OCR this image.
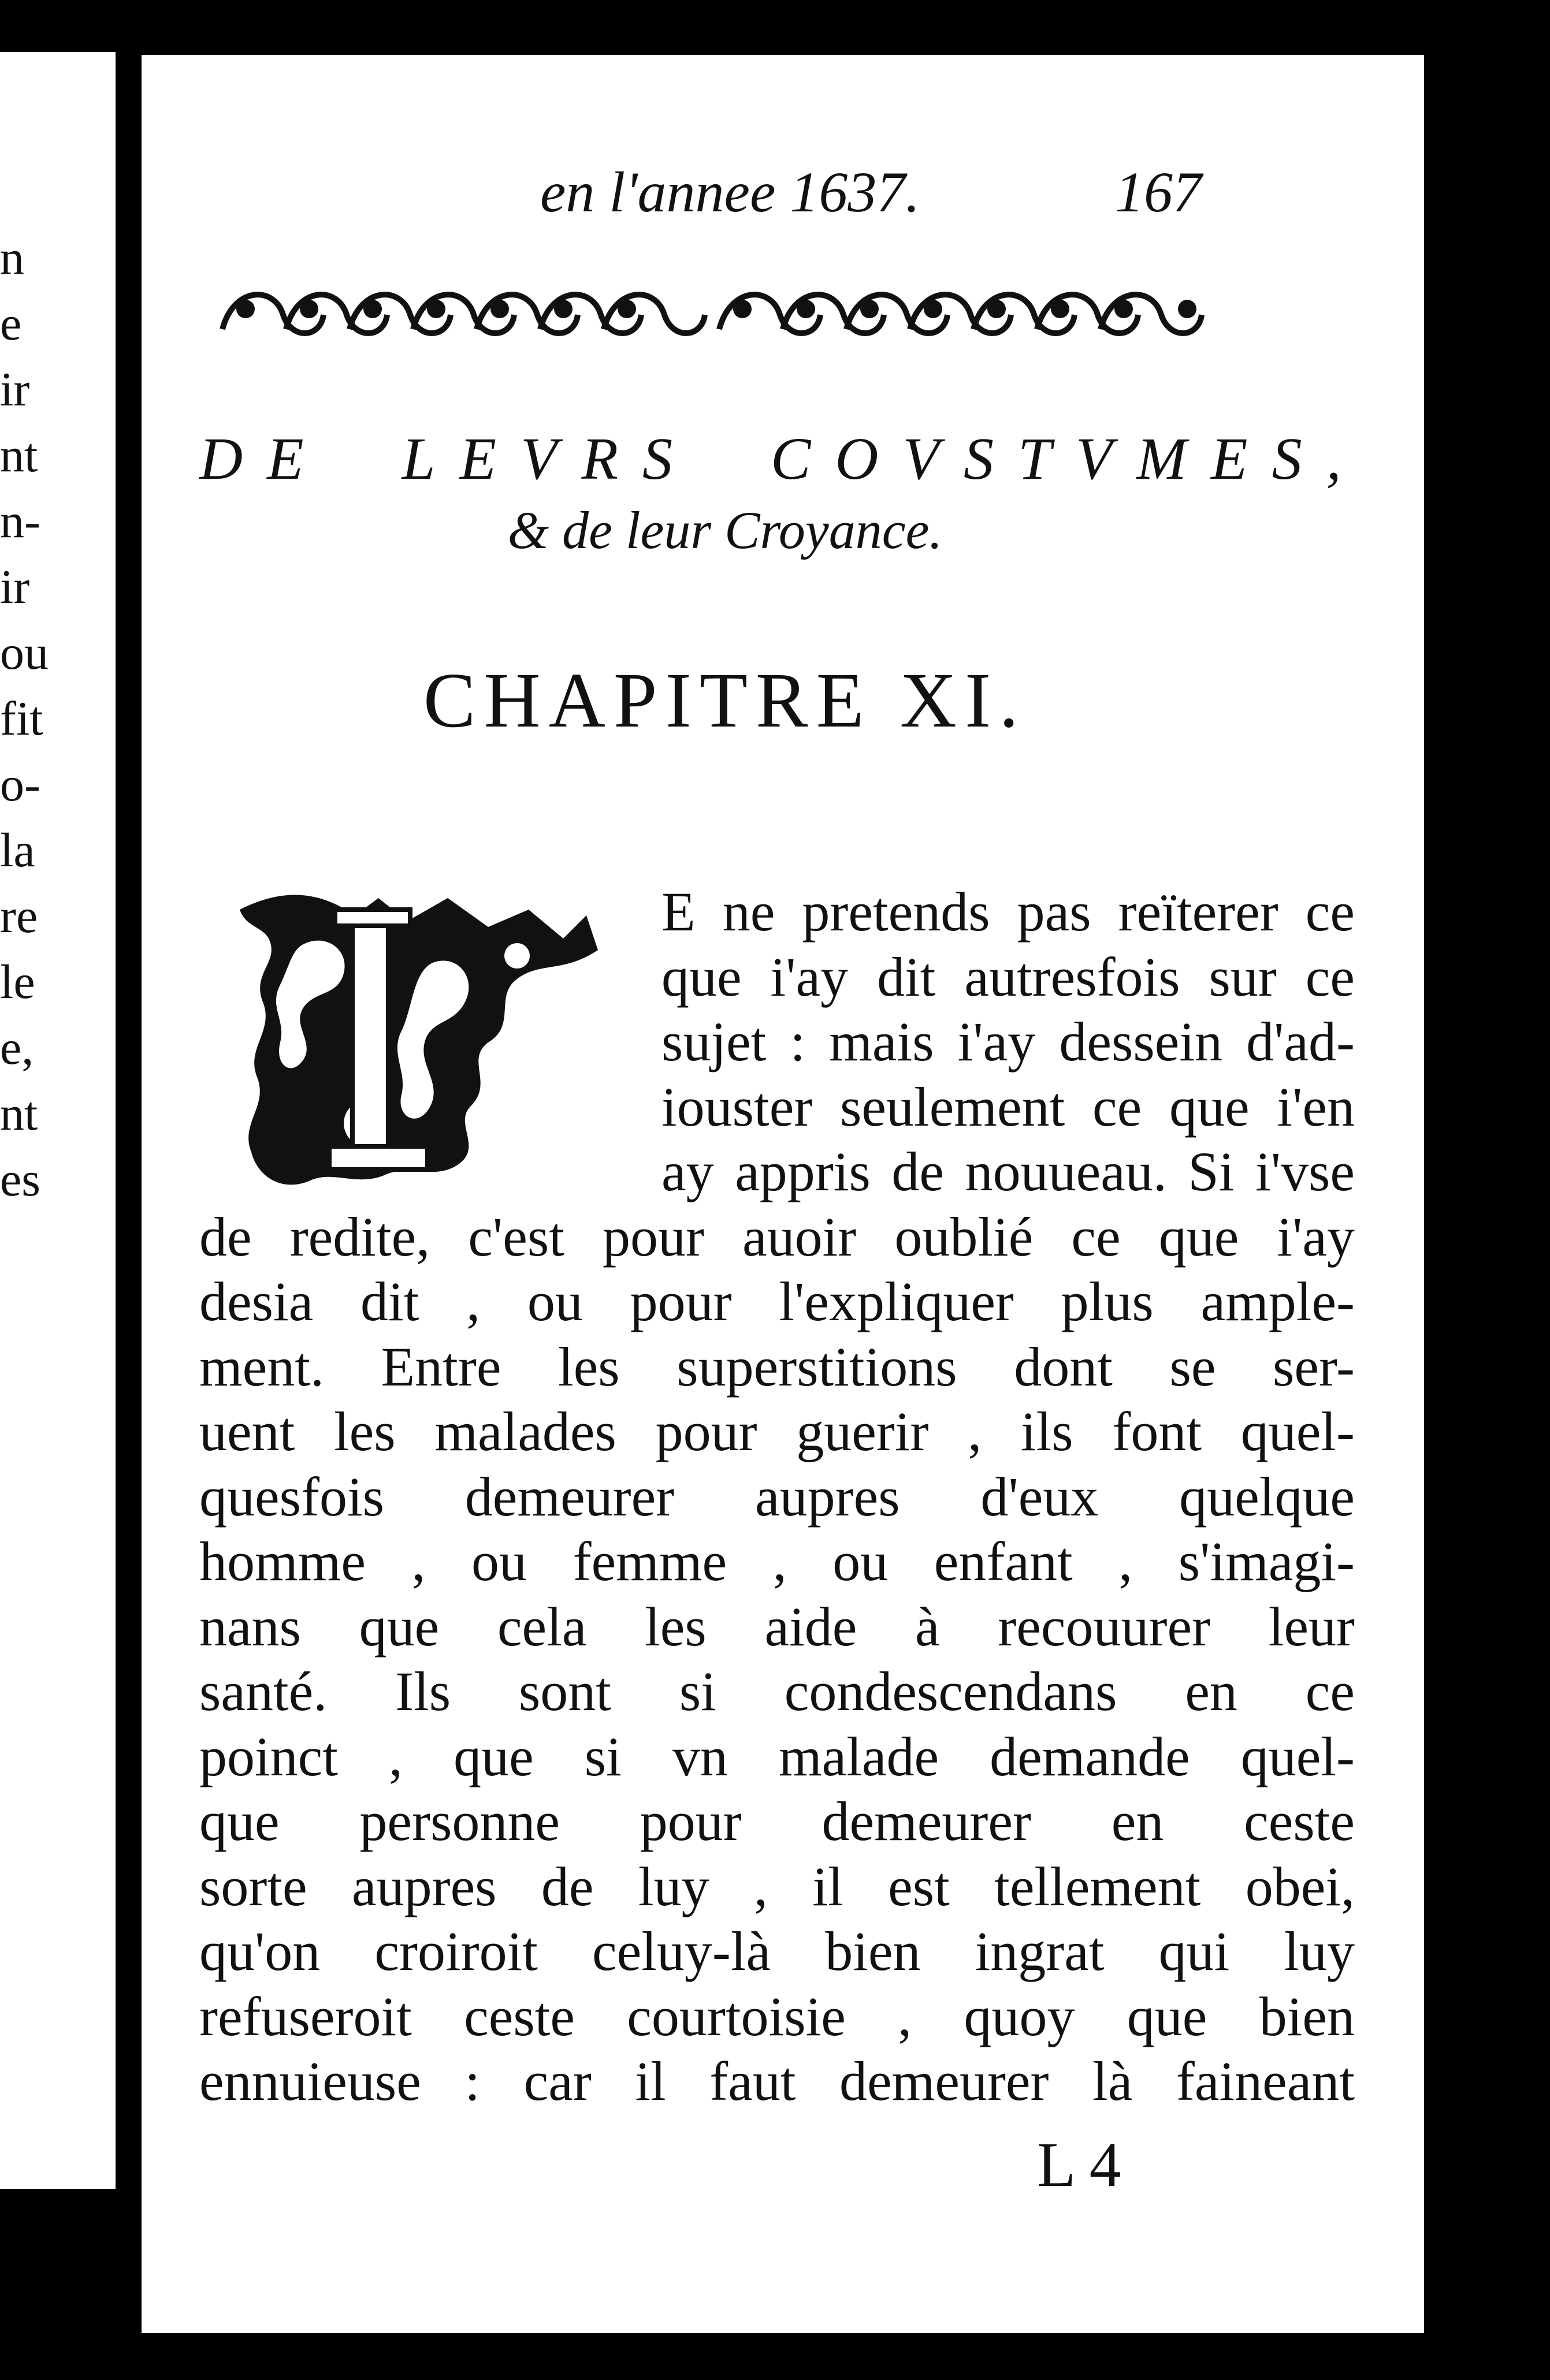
n
e
ir
nt
n-
ir
ou
fit
o-
la
re
le
e,
nt
es
en l'annee 1637.	167
DE LEVRS COVSTVMES,
& de leur Croyance.
CHAPITRE XI.
E ne pretends pas reïterer ce
que i'ay dit autresfois sur ce
sujet : mais i'ay dessein d'ad-
iouster seulement ce que i'en
ay appris de nouueau. Si i'vse
de redite, c'est pour auoir oublié ce que i'ay
desia dit , ou pour l'expliquer plus ample-
ment. Entre les superstitions dont se ser-
uent les malades pour guerir , ils font quel-
quesfois demeurer aupres d'eux quelque
homme , ou femme , ou enfant , s'imagi-
nans que cela les aide à recouurer leur
santé. Ils sont si condescendans en ce
poinct , que si vn malade demande quel-
que personne pour demeurer en ceste
sorte aupres de luy , il est tellement obei,
qu'on croiroit celuy-là bien ingrat qui luy
refuseroit ceste courtoisie , quoy que bien
ennuieuse : car il faut demeurer là faineant
L 4
